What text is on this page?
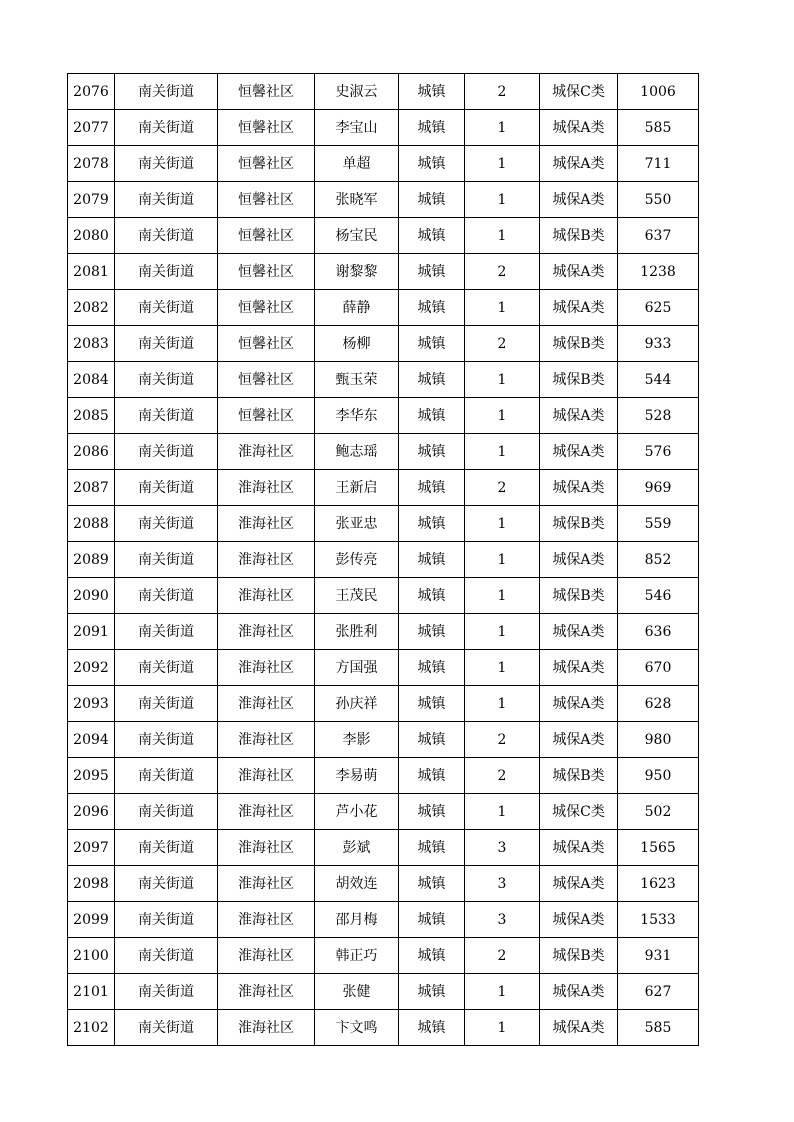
2076	南关街道	恒馨社区	史淑云	城镇	2	城保C类	1006
2077	南关街道	恒馨社区	李宝山	城镇	1	城保A类	585
2078	南关街道	恒馨社区	单超	城镇	1	城保A类	711
2079	南关街道	恒馨社区	张晓军	城镇	1	城保A类	550
2080	南关街道	恒馨社区	杨宝民	城镇	1	城保B类	637
2081	南关街道	恒馨社区	谢黎黎	城镇	2	城保A类	1238
2082	南关街道	恒馨社区	薛静	城镇	1	城保A类	625
2083	南关街道	恒馨社区	杨柳	城镇	2	城保B类	933
2084	南关街道	恒馨社区	甄玉荣	城镇	1	城保B类	544
2085	南关街道	恒馨社区	李华东	城镇	1	城保A类	528
2086	南关街道	淮海社区	鲍志瑶	城镇	1	城保A类	576
2087	南关街道	淮海社区	王新启	城镇	2	城保A类	969
2088	南关街道	淮海社区	张亚忠	城镇	1	城保B类	559
2089	南关街道	淮海社区	彭传亮	城镇	1	城保A类	852
2090	南关街道	淮海社区	王茂民	城镇	1	城保B类	546
2091	南关街道	淮海社区	张胜利	城镇	1	城保A类	636
2092	南关街道	淮海社区	方国强	城镇	1	城保A类	670
2093	南关街道	淮海社区	孙庆祥	城镇	1	城保A类	628
2094	南关街道	淮海社区	李影	城镇	2	城保A类	980
2095	南关街道	淮海社区	李易萌	城镇	2	城保B类	950
2096	南关街道	淮海社区	芦小花	城镇	1	城保C类	502
2097	南关街道	淮海社区	彭斌	城镇	3	城保A类	1565
2098	南关街道	淮海社区	胡效连	城镇	3	城保A类	1623
2099	南关街道	淮海社区	邵月梅	城镇	3	城保A类	1533
2100	南关街道	淮海社区	韩正巧	城镇	2	城保B类	931
2101	南关街道	淮海社区	张健	城镇	1	城保A类	627
2102	南关街道	淮海社区	卞文鸣	城镇	1	城保A类	585
